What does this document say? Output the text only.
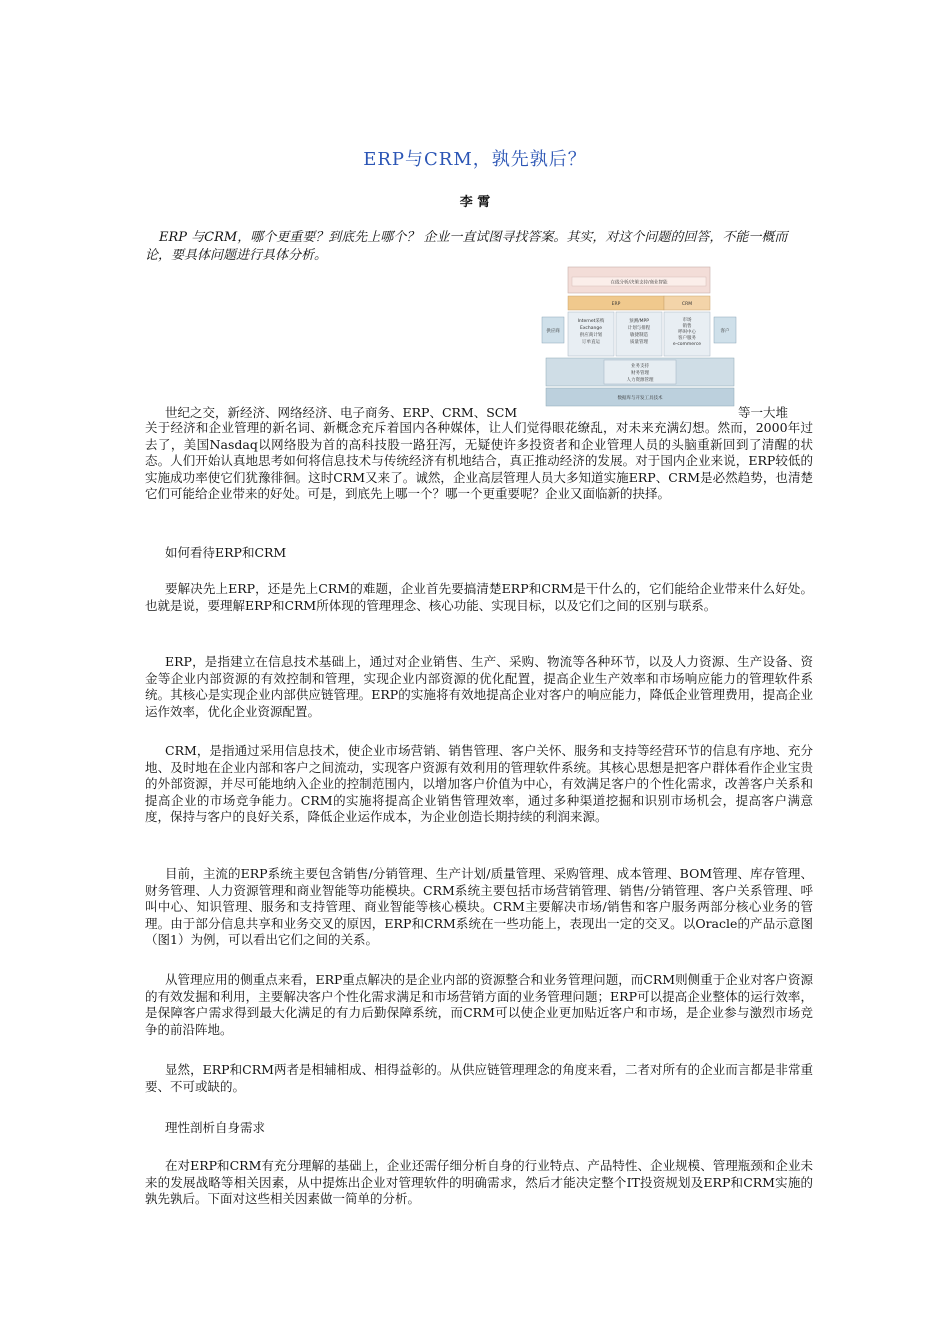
ERP与CRM，孰先孰后？
李 霄
ERP 与CRM，哪个更重要？到底先上哪个？ 企业一直试图寻找答案。其实，对这个问题的回答，不能一概而论，要具体问题进行具体分析。
在线分析/决策支持/商业智能
ERP	CRM
供应商	客户
Internet采购
Exchange
供应商计划
订单直运
预测/MPP
计划与排程
敏捷制造
质量管理
市场
销售
呼叫中心
客户服务
e-commerce
业务支持
财务管理
人力资源管理
数据库与开发工具技术
世纪之交，新经济、网络经济、电子商务、ERP、CRM、SCM	等一大堆
关于经济和企业管理的新名词、新概念充斥着国内各种媒体，让人们觉得眼花缭乱，对未来充满幻想。然而，2000年过去了，美国Nasdaq以网络股为首的高科技股一路狂泻，无疑使许多投资者和企业管理人员的头脑重新回到了清醒的状态。人们开始认真地思考如何将信息技术与传统经济有机地结合，真正推动经济的发展。对于国内企业来说，ERP较低的实施成功率使它们犹豫徘徊。这时CRM又来了。诚然，企业高层管理人员大多知道实施ERP、CRM是必然趋势，也清楚它们可能给企业带来的好处。可是，到底先上哪一个？哪一个更重要呢？企业又面临新的抉择。
如何看待ERP和CRM
要解决先上ERP，还是先上CRM的难题，企业首先要搞清楚ERP和CRM是干什么的，它们能给企业带来什么好处。也就是说，要理解ERP和CRM所体现的管理理念、核心功能、实现目标，以及它们之间的区别与联系。
ERP，是指建立在信息技术基础上，通过对企业销售、生产、采购、物流等各种环节，以及人力资源、生产设备、资金等企业内部资源的有效控制和管理，实现企业内部资源的优化配置，提高企业生产效率和市场响应能力的管理软件系统。其核心是实现企业内部供应链管理。ERP的实施将有效地提高企业对客户的响应能力，降低企业管理费用，提高企业运作效率，优化企业资源配置。
CRM，是指通过采用信息技术，使企业市场营销、销售管理、客户关怀、服务和支持等经营环节的信息有序地、充分地、及时地在企业内部和客户之间流动，实现客户资源有效利用的管理软件系统。其核心思想是把客户群体看作企业宝贵的外部资源，并尽可能地纳入企业的控制范围内，以增加客户价值为中心，有效满足客户的个性化需求，改善客户关系和提高企业的市场竞争能力。CRM的实施将提高企业销售管理效率，通过多种渠道挖掘和识别市场机会，提高客户满意度，保持与客户的良好关系，降低企业运作成本，为企业创造长期持续的利润来源。
目前，主流的ERP系统主要包含销售/分销管理、生产计划/质量管理、采购管理、成本管理、BOM管理、库存管理、财务管理、人力资源管理和商业智能等功能模块。CRM系统主要包括市场营销管理、销售/分销管理、客户关系管理、呼叫中心、知识管理、服务和支持管理、商业智能等核心模块。CRM主要解决市场/销售和客户服务两部分核心业务的管理。由于部分信息共享和业务交叉的原因，ERP和CRM系统在一些功能上，表现出一定的交叉。以Oracle的产品示意图（图1）为例，可以看出它们之间的关系。
从管理应用的侧重点来看，ERP重点解决的是企业内部的资源整合和业务管理问题，而CRM则侧重于企业对客户资源的有效发掘和利用，主要解决客户个性化需求满足和市场营销方面的业务管理问题；ERP可以提高企业整体的运行效率，是保障客户需求得到最大化满足的有力后勤保障系统，而CRM可以使企业更加贴近客户和市场，是企业参与激烈市场竞争的前沿阵地。
显然，ERP和CRM两者是相辅相成、相得益彰的。从供应链管理理念的角度来看，二者对所有的企业而言都是非常重要、不可或缺的。
理性剖析自身需求
在对ERP和CRM有充分理解的基础上，企业还需仔细分析自身的行业特点、产品特性、企业规模、管理瓶颈和企业未来的发展战略等相关因素，从中提炼出企业对管理软件的明确需求，然后才能决定整个IT投资规划及ERP和CRM实施的孰先孰后。下面对这些相关因素做一简单的分析。
